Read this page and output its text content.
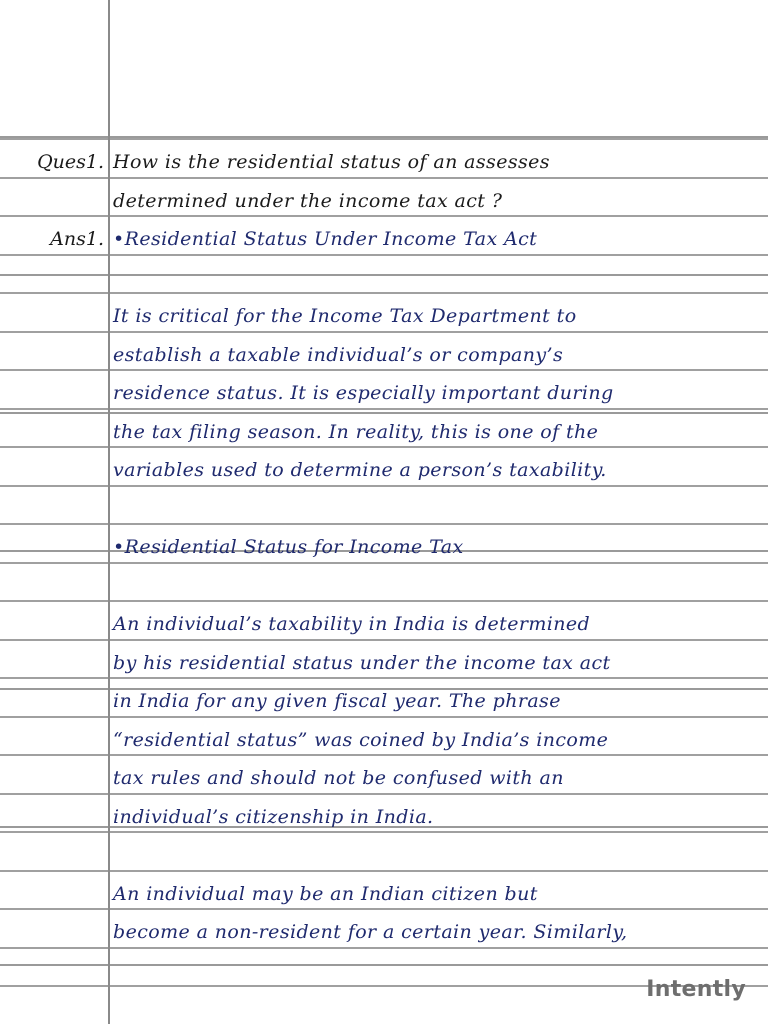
Ques1. How is the residential status of an assesses
determined under the income tax act ?
Ans1. •Residential Status Under Income Tax Act
It is critical for the Income Tax Department to
establish a taxable individual’s or company’s
residence status. It is especially important during
the tax filing season. In reality, this is one of the
variables used to determine a person’s taxability.
•Residential Status for Income Tax
An individual’s taxability in India is determined
by his residential status under the income tax act
in India for any given fiscal year. The phrase
“residential status” was coined by India’s income
tax rules and should not be confused with an
individual’s citizenship in India.
An individual may be an Indian citizen but
become a non-resident for a certain year. Similarly,
Intently
